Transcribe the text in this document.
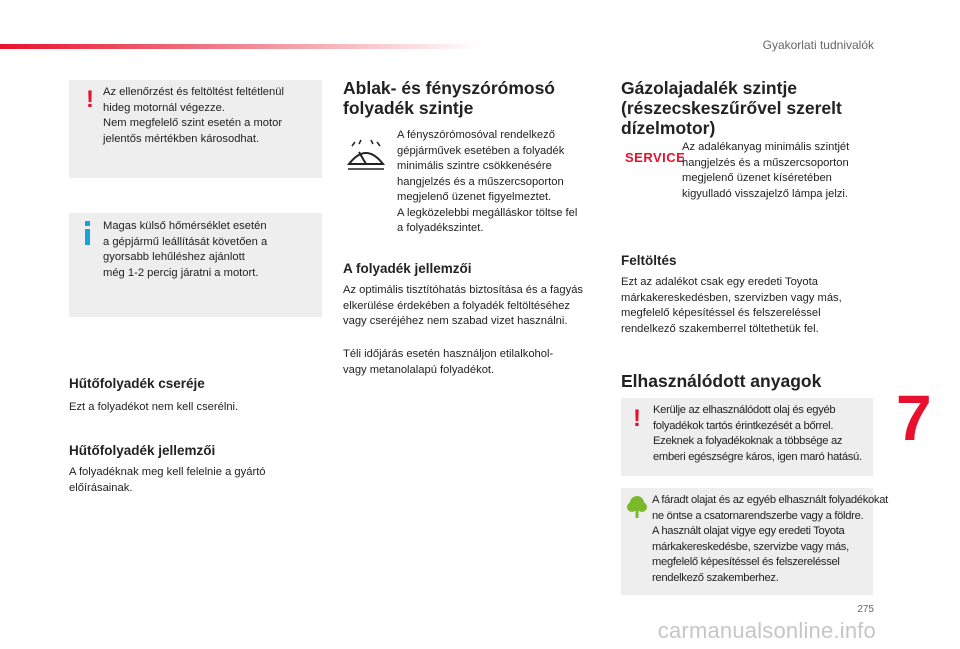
Gyakorlati tudnivalók
7
275
carmanualsonline.info
! Az ellenőrzést és feltöltést feltétlenül
hideg motornál végezze.
Nem megfelelő szint esetén a motor
jelentős mértékben károsodhat.

Magas külső hőmérséklet esetén
a gépjármű leállítását követően a
gyorsabb lehűléshez ajánlott
még 1-2 percig járatni a motort.

Hűtőfolyadék cseréje
Ezt a folyadékot nem kell cserélni.
Hűtőfolyadék jellemzői
A folyadéknak meg kell felelnie a gyártó
előírásainak.
Ablak- és fényszórómosó
folyadék szintje
A fényszórómosóval rendelkező
gépjárművek esetében a folyadék
minimális szintre csökkenésére
hangjelzés és a műszercsoporton
megjelenő üzenet figyelmeztet.
A legközelebbi megálláskor töltse fel
a folyadékszintet.
A folyadék jellemzői
Az optimális tisztítóhatás biztosítása és a fagyás
elkerülése érdekében a folyadék feltöltéséhez
vagy cseréjéhez nem szabad vizet használni.
Téli időjárás esetén használjon etilalkohol-
vagy metanolalapú folyadékot.
Gázolajadalék szintje
(részecskeszűrővel szerelt
dízelmotor)
SERVICE
Az adalékanyag minimális szintjét
hangjelzés és a műszercsoporton
megjelenő üzenet kíséretében
kigyulladó visszajelző lámpa jelzi.
Feltöltés
Ezt az adalékot csak egy eredeti Toyota
márkakereskedésben, szervizben vagy más,
megfelelő képesítéssel és felszereléssel
rendelkező szakemberrel töltethetük fel.
Elhasználódott anyagok
! Kerülje az elhasználódott olaj és egyéb
folyadékok tartós érintkezését a bőrrel.
Ezeknek a folyadékoknak a többsége az
emberi egészségre káros, igen maró hatású.

A fáradt olajat és az egyéb elhasznált folyadékokat
ne öntse a csatornarendszerbe vagy a földre.
A használt olajat vigye egy eredeti Toyota
márkakereskedésbe, szervizbe vagy más,
megfelelő képesítéssel és felszereléssel
rendelkező szakemberhez.
